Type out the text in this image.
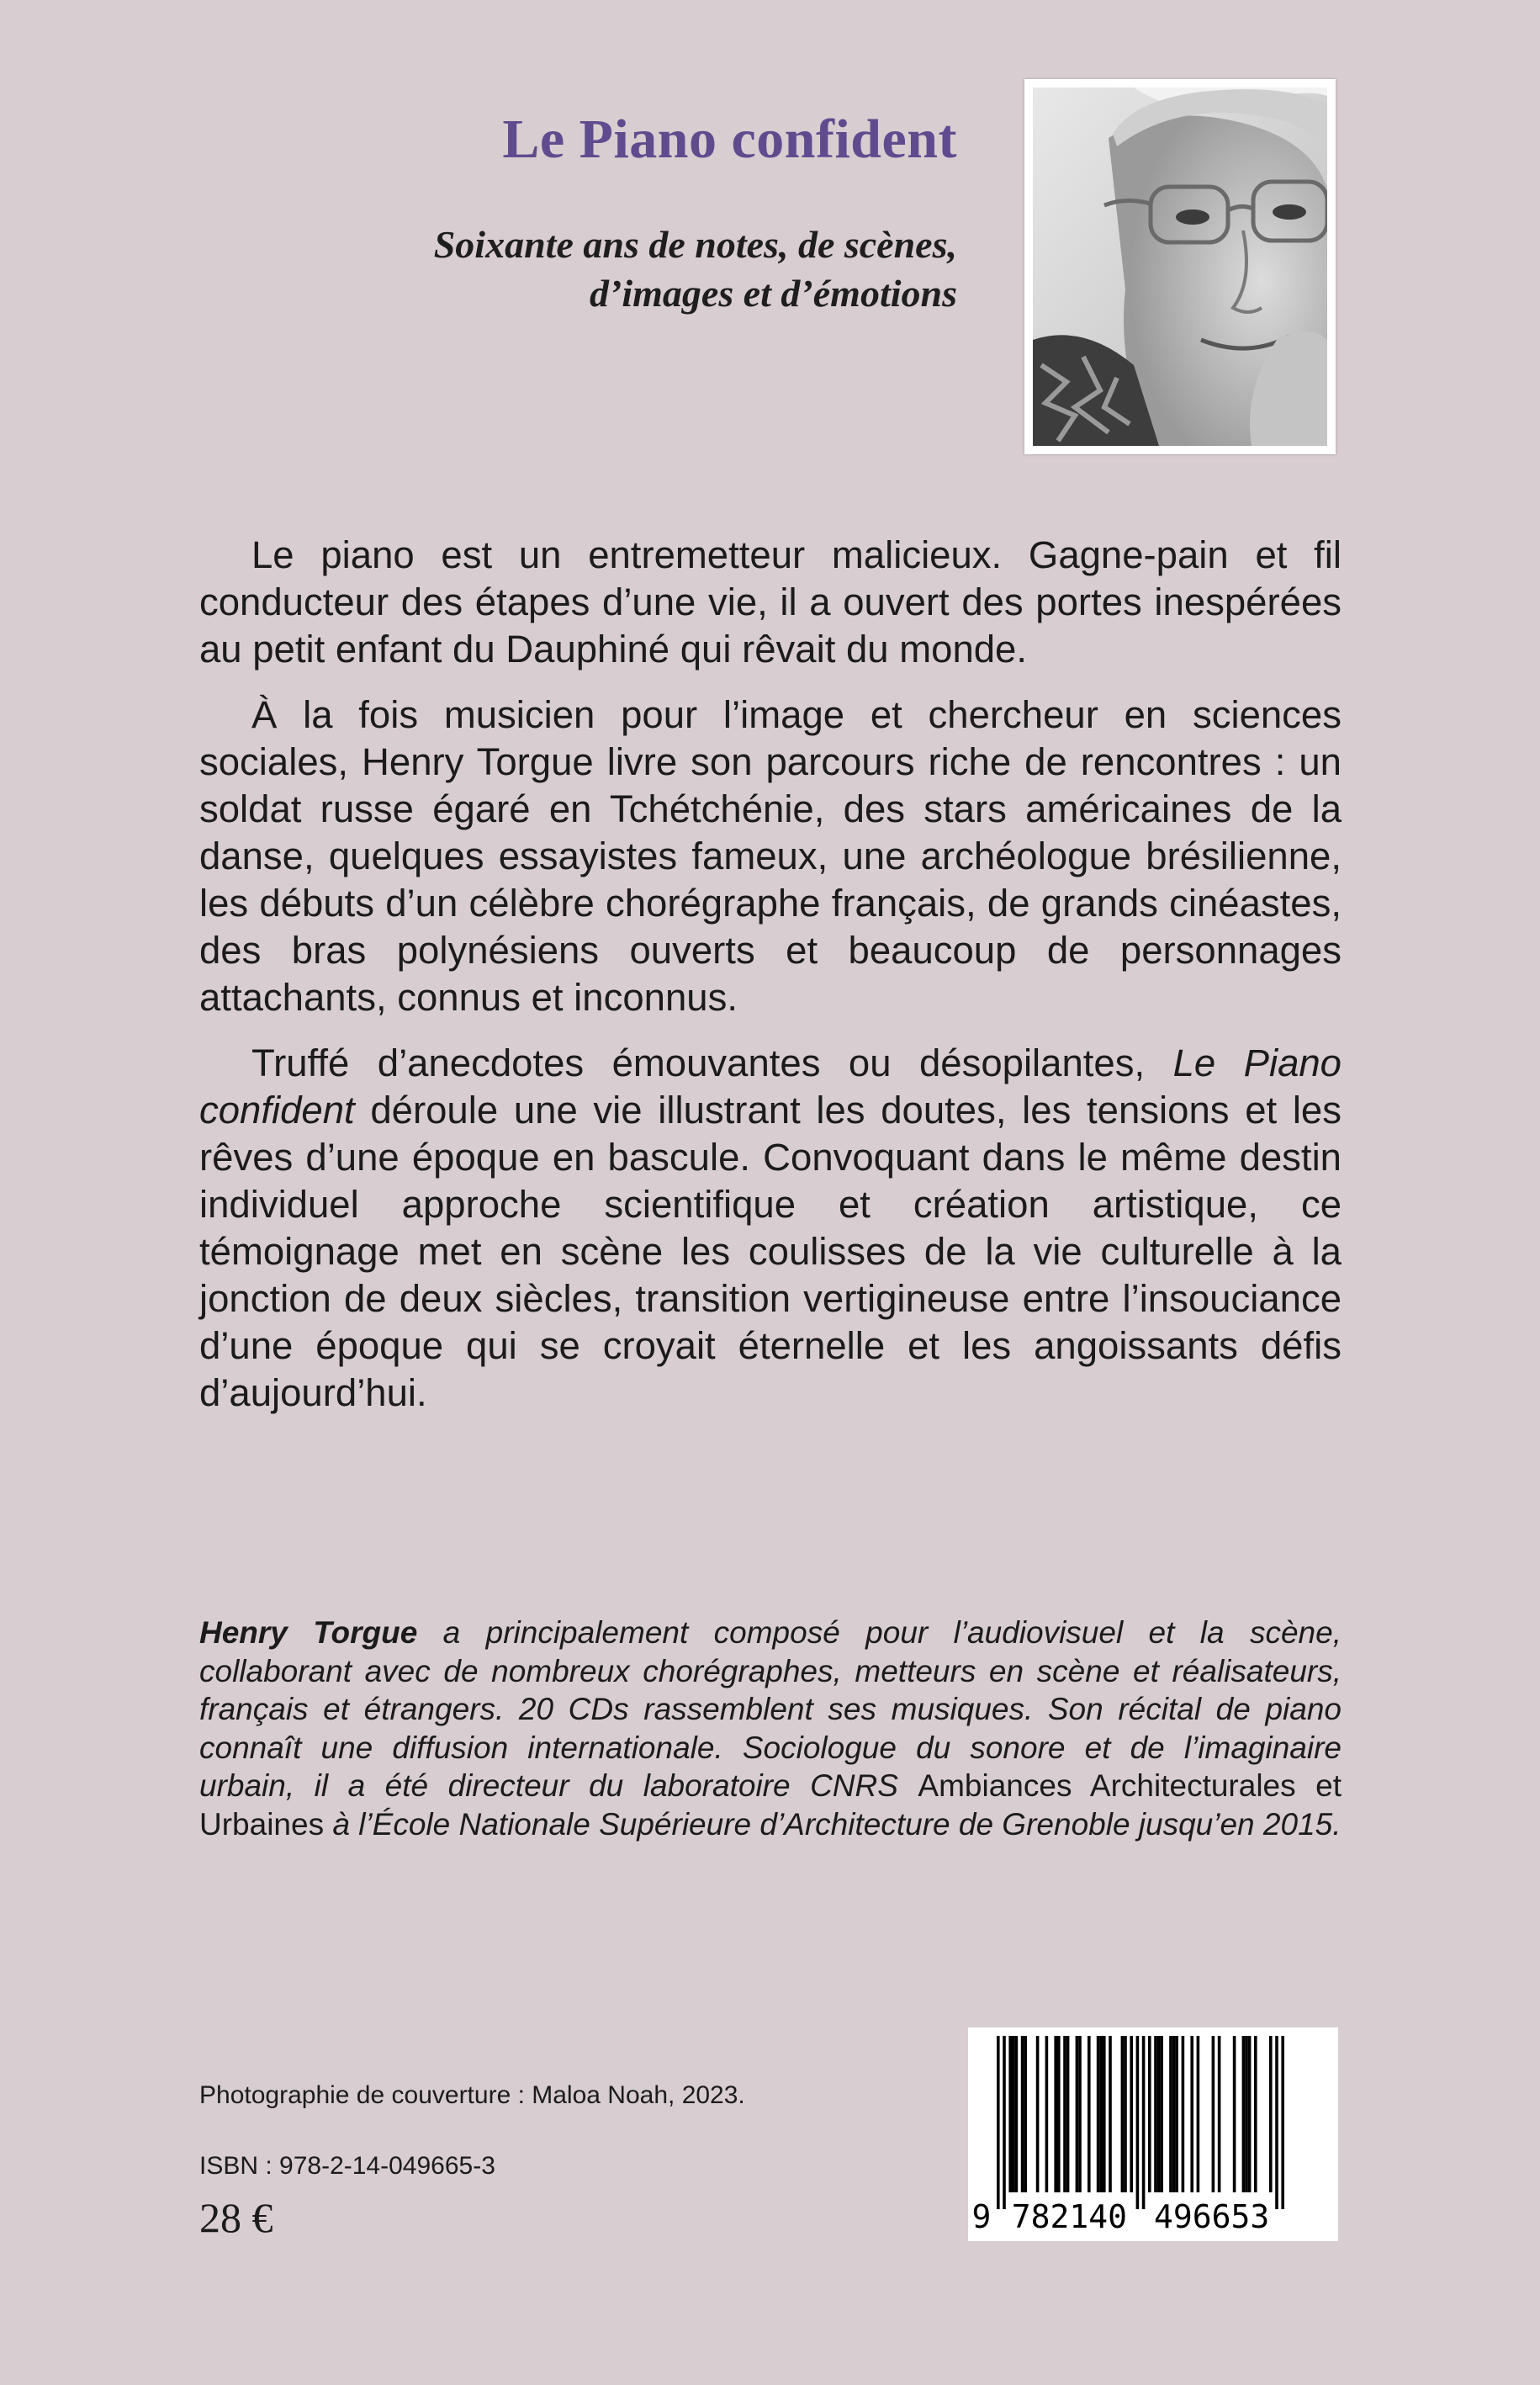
Le Piano confident
Soixante ans de notes, de scènes,
d’images et d’émotions

Le piano est un entremetteur malicieux. Gagne-pain et fil conducteur des étapes d’une vie, il a ouvert des portes inespérées au petit enfant du Dauphiné qui rêvait du monde.

À la fois musicien pour l’image et chercheur en sciences sociales, Henry Torgue livre son parcours riche de rencontres : un soldat russe égaré en Tchétchénie, des stars américaines de la danse, quelques essayistes fameux, une archéologue brésilienne, les débuts d’un célèbre chorégraphe français, de grands cinéastes, des bras polynésiens ouverts et beaucoup de personnages attachants, connus et inconnus.

Truffé d’anecdotes émouvantes ou désopilantes, Le Piano confident déroule une vie illustrant les doutes, les tensions et les rêves d’une époque en bascule. Convoquant dans le même destin individuel approche scientifique et création artistique, ce témoignage met en scène les coulisses de la vie culturelle à la jonction de deux siècles, transition vertigineuse entre l’insouciance d’une époque qui se croyait éternelle et les angoissants défis d’aujourd’hui.

Henry Torgue a principalement composé pour l’audiovisuel et la scène, collaborant avec de nombreux chorégraphes, metteurs en scène et réalisateurs, français et étrangers. 20 CDs rassemblent ses musiques. Son récital de piano connaît une diffusion internationale. Sociologue du sonore et de l’imaginaire urbain, il a été directeur du laboratoire CNRS Ambiances Architecturales et Urbaines à l’École Nationale Supérieure d’Architecture de Grenoble jusqu’en 2015.
Photographie de couverture : Maloa Noah, 2023.
ISBN : 978-2-14-049665-3
28 €	9 782140 496653
